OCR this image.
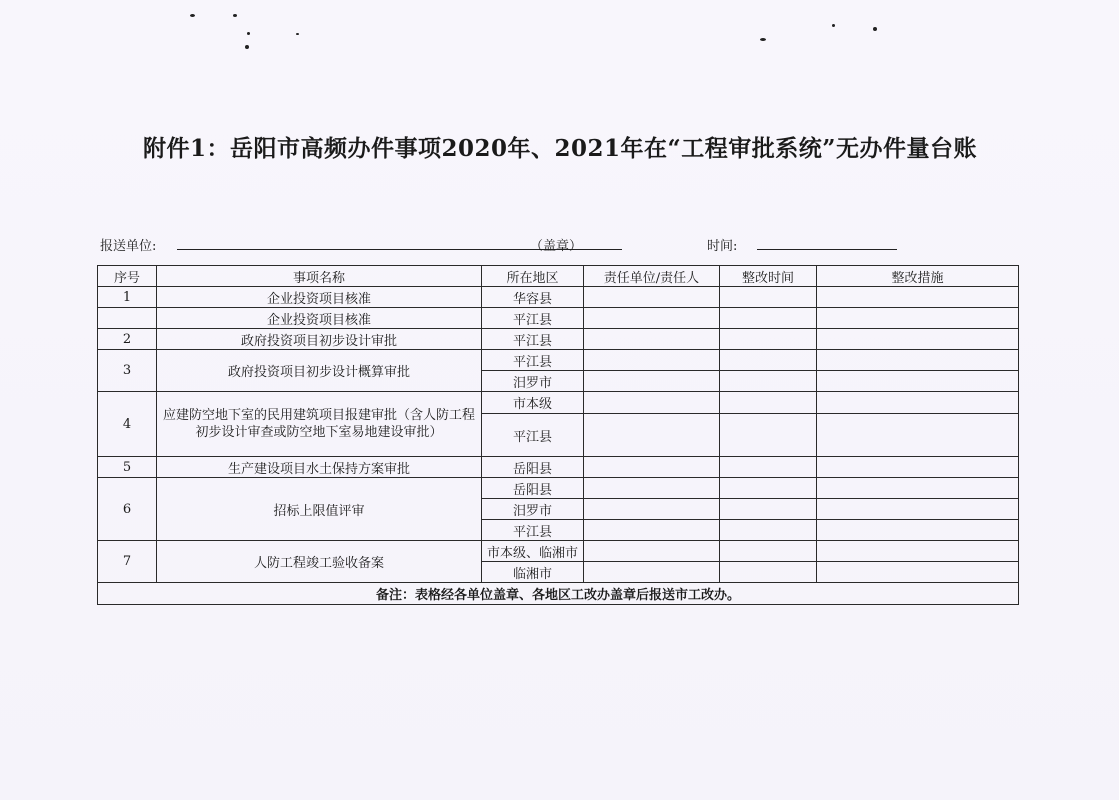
附件1：岳阳市高频办件事项2020年、2021年在“工程审批系统”无办件量台账
报送单位:	（盖章）	时间:
序号	事项名称	所在地区	责任单位/责任人	整改时间	整改措施
1	企业投资项目核准	华容县			
	企业投资项目核准	平江县			
2	政府投资项目初步设计审批	平江县			
3	政府投资项目初步设计概算审批	平江县			
		汨罗市			
4	应建防空地下室的民用建筑项目报建审批（含人防工程初步设计审查或防空地下室易地建设审批）	市本级			
		平江县			
5	生产建设项目水土保持方案审批	岳阳县			
6	招标上限值评审	岳阳县			
		汨罗市			
		平江县			
7	人防工程竣工验收备案	市本级、临湘市			
		临湘市			
备注：表格经各单位盖章、各地区工改办盖章后报送市工改办。					
